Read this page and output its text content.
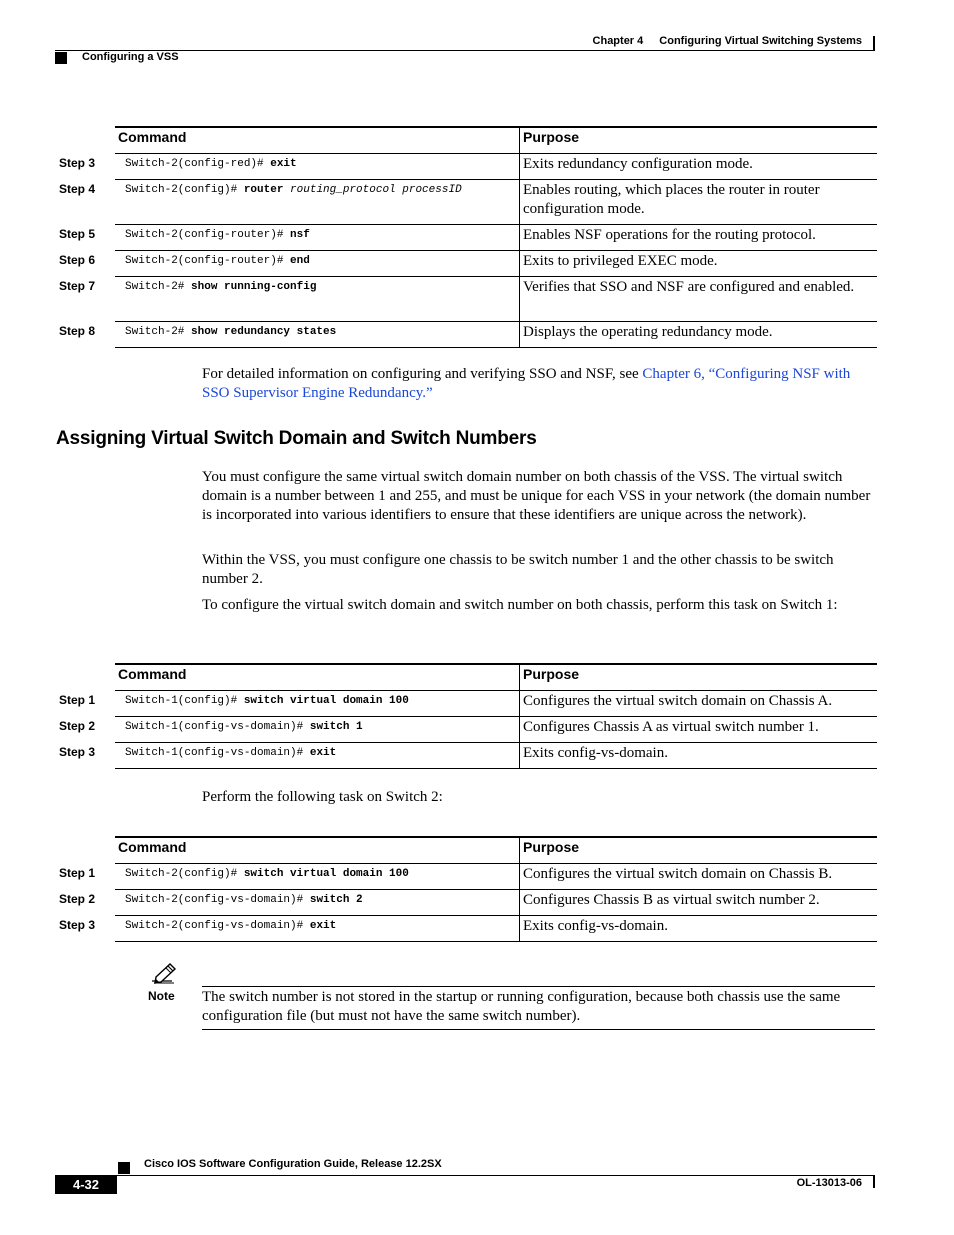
Chapter 4 Configuring Virtual Switching Systems
Configuring a VSS
Command	Purpose
Step 3	Switch-2(config-red)# exit	Exits redundancy configuration mode.
Step 4	Switch-2(config)# router routing_protocol processID	Enables routing, which places the router in router configuration mode.
Step 5	Switch-2(config-router)# nsf	Enables NSF operations for the routing protocol.
Step 6	Switch-2(config-router)# end	Exits to privileged EXEC mode.
Step 7	Switch-2# show running-config	Verifies that SSO and NSF are configured and enabled.
Step 8	Switch-2# show redundancy states	Displays the operating redundancy mode.
For detailed information on configuring and verifying SSO and NSF, see Chapter 6, “Configuring NSF with SSO Supervisor Engine Redundancy.”
Assigning Virtual Switch Domain and Switch Numbers
You must configure the same virtual switch domain number on both chassis of the VSS. The virtual switch domain is a number between 1 and 255, and must be unique for each VSS in your network (the domain number is incorporated into various identifiers to ensure that these identifiers are unique across the network).
Within the VSS, you must configure one chassis to be switch number 1 and the other chassis to be switch number 2.
To configure the virtual switch domain and switch number on both chassis, perform this task on Switch 1:
Command	Purpose
Step 1	Switch-1(config)# switch virtual domain 100	Configures the virtual switch domain on Chassis A.
Step 2	Switch-1(config-vs-domain)# switch 1	Configures Chassis A as virtual switch number 1.
Step 3	Switch-1(config-vs-domain)# exit	Exits config-vs-domain.
Perform the following task on Switch 2:
Command	Purpose
Step 1	Switch-2(config)# switch virtual domain 100	Configures the virtual switch domain on Chassis B.
Step 2	Switch-2(config-vs-domain)# switch 2	Configures Chassis B as virtual switch number 2.
Step 3	Switch-2(config-vs-domain)# exit	Exits config-vs-domain.
Note The switch number is not stored in the startup or running configuration, because both chassis use the same configuration file (but must not have the same switch number).
Cisco IOS Software Configuration Guide, Release 12.2SX
4-32	OL-13013-06
